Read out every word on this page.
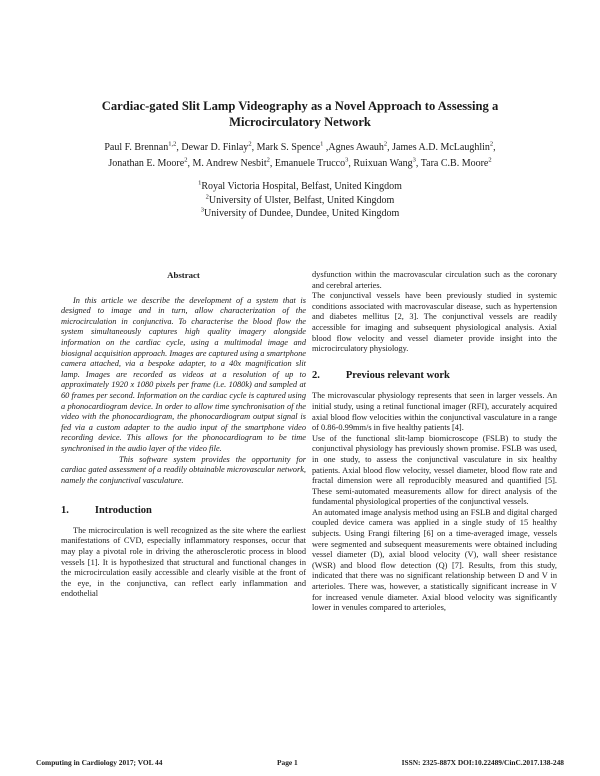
Cardiac-gated Slit Lamp Videography as a Novel Approach to Assessing a Microcirculatory Network
Paul F. Brennan$^{1,2}$, Dewar D. Finlay$^2$, Mark S. Spence$^1$ ,Agnes Awauh$^2$, James A.D. McLaughlin$^2$,
Jonathan E. Moore$^2$, M. Andrew Nesbit$^2$, Emanuele Trucco$^3$, Ruixuan Wang$^3$, Tara C.B. Moore$^2$
$^1$Royal Victoria Hospital, Belfast, United Kingdom
$^2$University of Ulster, Belfast, United Kingdom
$^3$University of Dundee, Dundee, United Kingdom
Abstract

In this article we describe the development of a system that is designed to image and in turn, allow characterization of the microcirculation in conjunctiva. To characterise the blood flow the system simultaneously captures high quality imagery alongside information on the cardiac cycle, using a multimodal image and biosignal acquisition approach. Images are captured using a smartphone camera attached, via a bespoke adapter, to a 40x magnification slit lamp. Images are recorded as videos at a resolution of up to approximately 1920 x 1080 pixels per frame (i.e. 1080k) and sampled at 60 frames per second. Information on the cardiac cycle is captured using a phonocardiogram device. In order to allow time synchronisation of the video with the phonocardiogram, the phonocardiogram output signal is fed via a custom adapter to the audio input of the smartphone video recording device. This allows for the phonocardiogram to be time synchronised in the audio layer of the video file.

This software system provides the opportunity for cardiac gated assessment of a readily obtainable microvascular network, namely the conjunctival vasculature.

1. Introduction

The microcirculation is well recognized as the site where the earliest manifestations of CVD, especially inflammatory responses, occur that may play a pivotal role in driving the atherosclerotic process in blood vessels [1]. It is hypothesized that structural and functional changes in the microcirculation easily accessible and clearly visible at the front of the eye, in the conjunctiva, can reflect early inflammation and endothelial

dysfunction within the macrovascular circulation such as the coronary and cerebral arteries.

The conjunctival vessels have been previously studied in systemic conditions associated with macrovascular disease, such as hypertension and diabetes mellitus [2, 3]. The conjunctival vessels are readily accessible for imaging and subsequent physiological analysis. Axial blood flow velocity and vessel diameter provide insight into the microcirculatory physiology.

2. Previous relevant work

The microvascular physiology represents that seen in larger vessels. An initial study, using a retinal functional imager (RFI), accurately acquired axial blood flow velocities within the conjunctival vasculature in a range of 0.86-0.99mm/s in five healthy patients [4].

Use of the functional slit-lamp biomicroscope (FSLB) to study the conjunctival physiology has previously shown promise. FSLB was used, in one study, to assess the conjunctival vasculature in six healthy patients. Axial blood flow velocity, vessel diameter, blood flow rate and fractal dimension were all reproducibly measured and quantified [5]. These semi-automated measurements allow for direct analysis of the fundamental physiological properties of the conjunctival vessels.

An automated image analysis method using an FSLB and digital charged coupled device camera was applied in a single study of 15 healthy subjects. Using Frangi filtering [6] on a time-averaged image, vessels were segmented and subsequent measurements were obtained including vessel diameter (D), axial blood velocity (V), wall sheer resistance (WSR) and blood flow detection (Q) [7]. Results, from this study, indicated that there was no significant relationship between D and V in arterioles. There was, however, a statistically significant increase in V for increased venule diameter. Axial blood velocity was significantly lower in venules compared to arterioles,

Computing in Cardiology 2017; VOL 44	Page 1	ISSN: 2325-887X DOI:10.22489/CinC.2017.138-248
